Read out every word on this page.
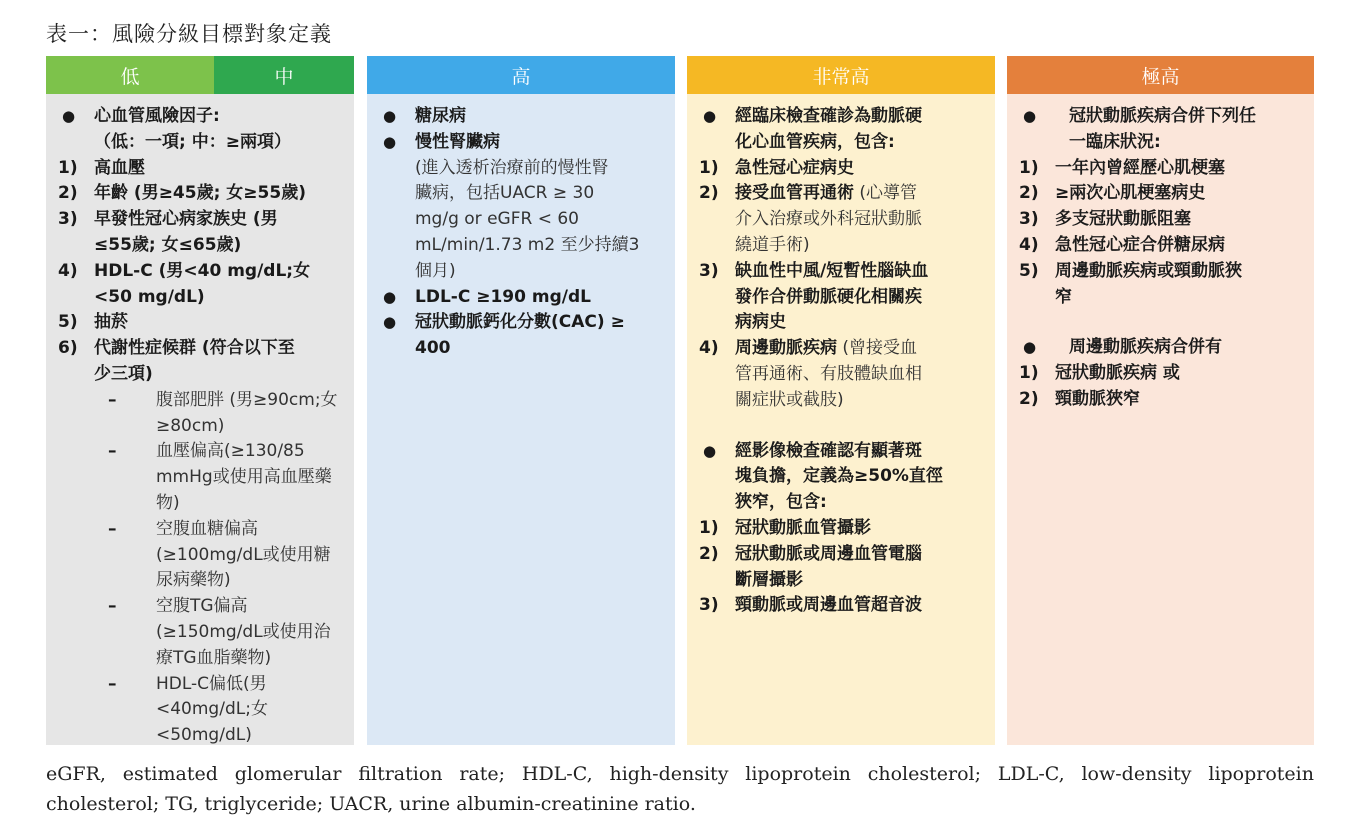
表一：風險分級目標對象定義
低	中	高	非常高	極高
●	心血管風險因子:
（低：一項; 中：≥兩項）
1) 高血壓
2) 年齡 (男≥45歲; 女≥55歲)
3) 早發性冠心病家族史 (男
≤55歲; 女≤65歲)
4) HDL-C (男<40 mg/dL;女
<50 mg/dL)
5) 抽菸
6) 代謝性症候群 (符合以下至
少三項)
–	腹部肥胖 (男≥90cm;女
≥80cm)
–	血壓偏高(≥130/85
mmHg或使用高血壓藥
物)
–	空腹血糖偏高
(≥100mg/dL或使用糖
尿病藥物)
–	空腹TG偏高
(≥150mg/dL或使用治
療TG血脂藥物)
–	HDL-C偏低(男
<40mg/dL;女
<50mg/dL)
●	糖尿病
●	慢性腎臟病
(進入透析治療前的慢性腎
臟病，包括UACR ≥ 30
mg/g or eGFR < 60
mL/min/1.73 m2 至少持續3
個月)
●	LDL-C ≥190 mg/dL
●	冠狀動脈鈣化分數(CAC) ≥
400
●	經臨床檢查確診為動脈硬
化心血管疾病，包含:
1) 急性冠心症病史
2) 接受血管再通術 (心導管
介入治療或外科冠狀動脈
繞道手術)
3) 缺血性中風/短暫性腦缺血
發作合併動脈硬化相關疾
病病史
4) 周邊動脈疾病 (曾接受血
管再通術、有肢體缺血相
關症狀或截肢)
●	經影像檢查確認有顯著斑
塊負擔，定義為≥50%直徑
狹窄，包含:
1) 冠狀動脈血管攝影
2) 冠狀動脈或周邊血管電腦
斷層攝影
3) 頸動脈或周邊血管超音波
●	冠狀動脈疾病合併下列任
一臨床狀況:
1) 一年內曾經歷心肌梗塞
2) ≥兩次心肌梗塞病史
3) 多支冠狀動脈阻塞
4) 急性冠心症合併糖尿病
5) 周邊動脈疾病或頸動脈狹
窄
●	周邊動脈疾病合併有
1) 冠狀動脈疾病 或
2) 頸動脈狹窄
eGFR, estimated glomerular filtration rate; HDL-C, high-density lipoprotein cholesterol; LDL-C, low-density lipoprotein cholesterol; TG, triglyceride; UACR, urine albumin-creatinine ratio.
